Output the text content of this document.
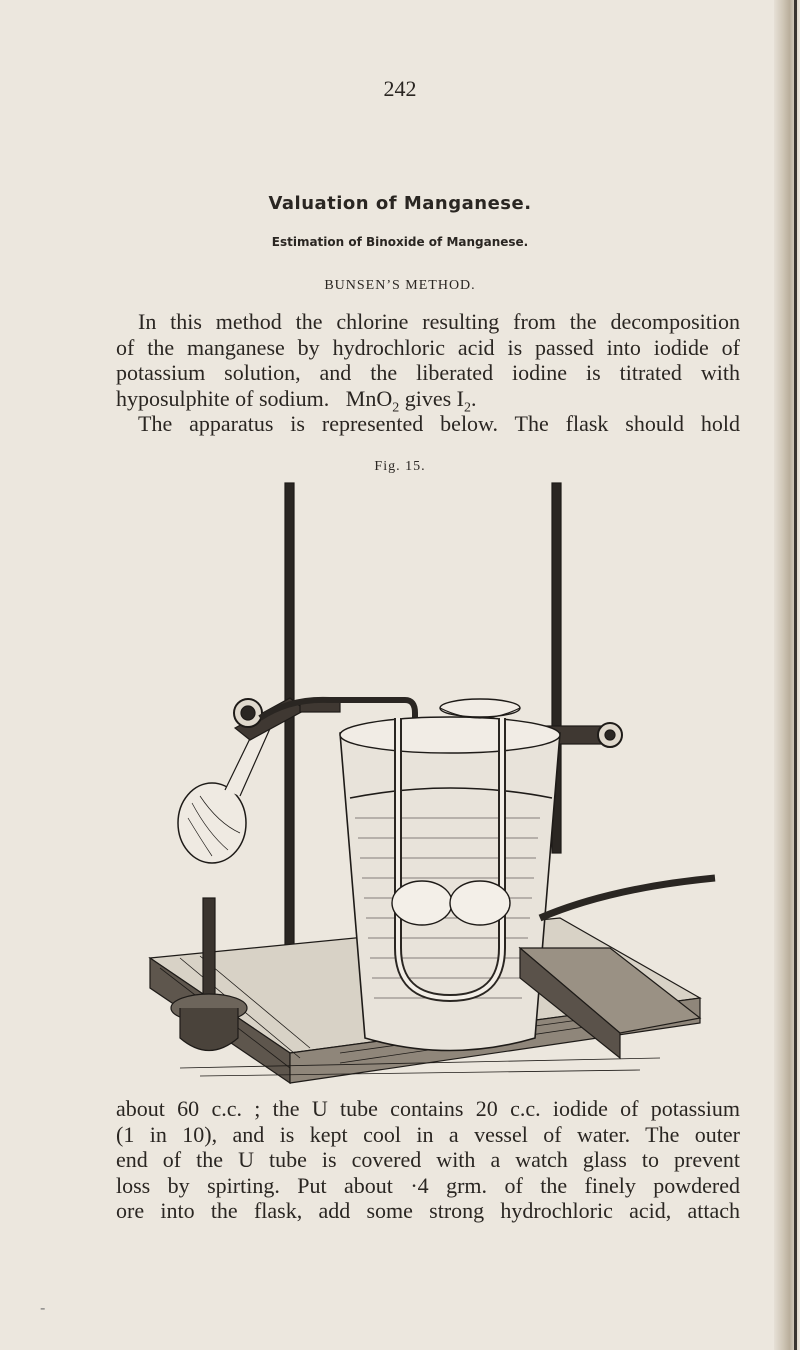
242
Valuation of Manganese.
Estimation of Binoxide of Manganese.
BUNSEN’S METHOD.
In this method the chlorine resulting from the decomposition
of the manganese by hydrochloric acid is passed into iodide of
potassium solution, and the liberated iodine is titrated with
hyposulphite of sodium. MnO$_2$ gives $I_2$.
The apparatus is represented below. The flask should hold
Fig. 15.
about 60 c.c. ; the U tube contains 20 c.c. iodide of potassium
(1 in 10), and is kept cool in a vessel of water. The outer
end of the U tube is covered with a watch glass to prevent
loss by spirting. Put about ·4 grm. of the finely powdered
ore into the flask, add some strong hydrochloric acid, attach
-
